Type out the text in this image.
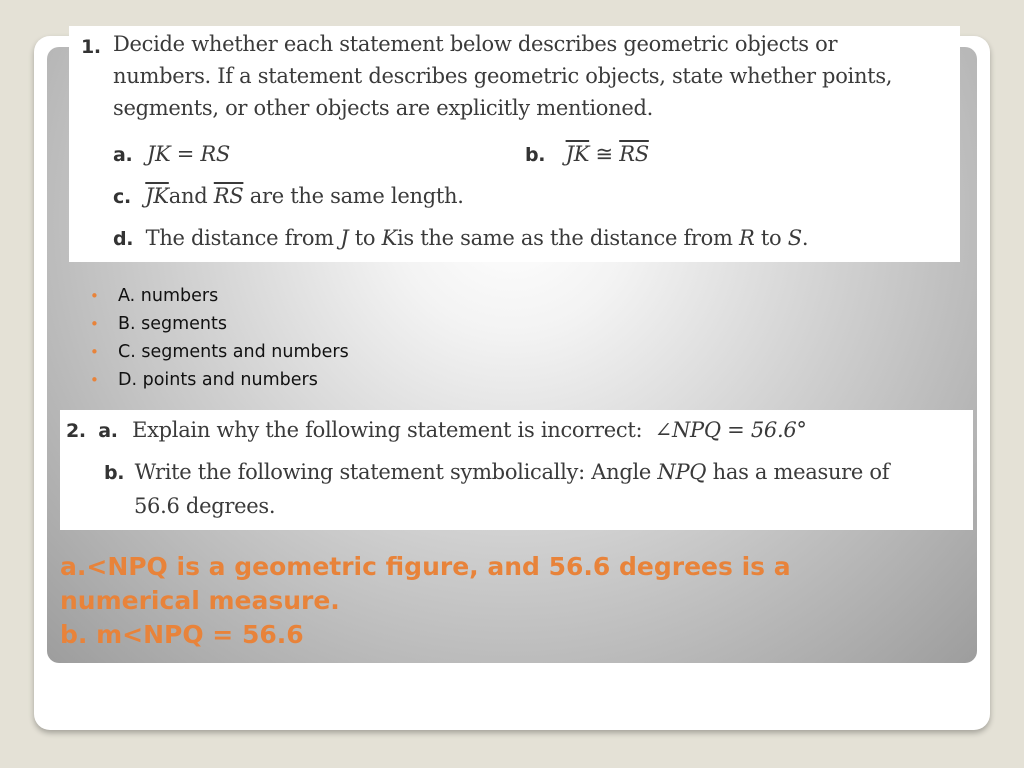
1. Decide whether each statement below describes geometric objects or
numbers. If a statement describes geometric objects, state whether points,
segments, or other objects are explicitly mentioned.
a. JK = RS	b. $\overline{JK}$ ≅ $\overline{RS}$
c. $\overline{JK}and$ $\overline{RS}$ are the same length.
d. The distance from J to Kis the same as the distance from R to S.
• A. numbers
• B. segments
• C. segments and numbers
• D. points and numbers
2. a. Explain why the following statement is incorrect: ∠NPQ = 56.6°
b. Write the following statement symbolically: Angle NPQ has a measure of
56.6 degrees.
a.<NPQ is a geometric figure, and 56.6 degrees is a
numerical measure.
b. m<NPQ = 56.6
